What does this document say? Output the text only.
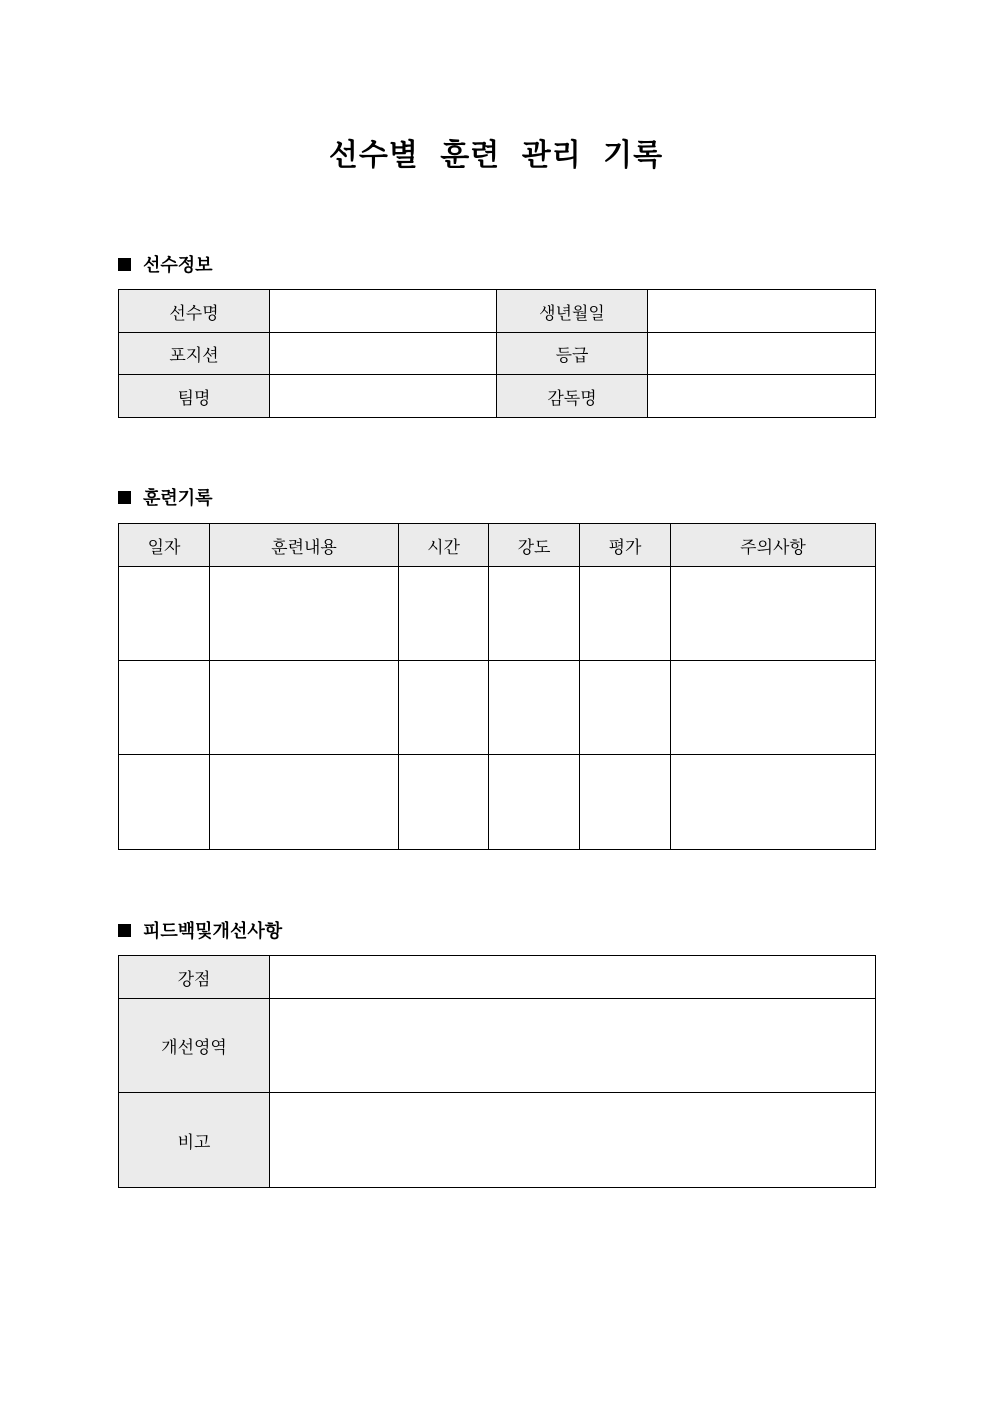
선수별 훈련 관리 기록
선수정보
선수명		생년월일	
포지션		등급	
팀명		감독명	
훈련기록
일자	훈련내용	시간	강도	평가	주의사항

피드백및개선사항
강점	
개선영역	
비고	
